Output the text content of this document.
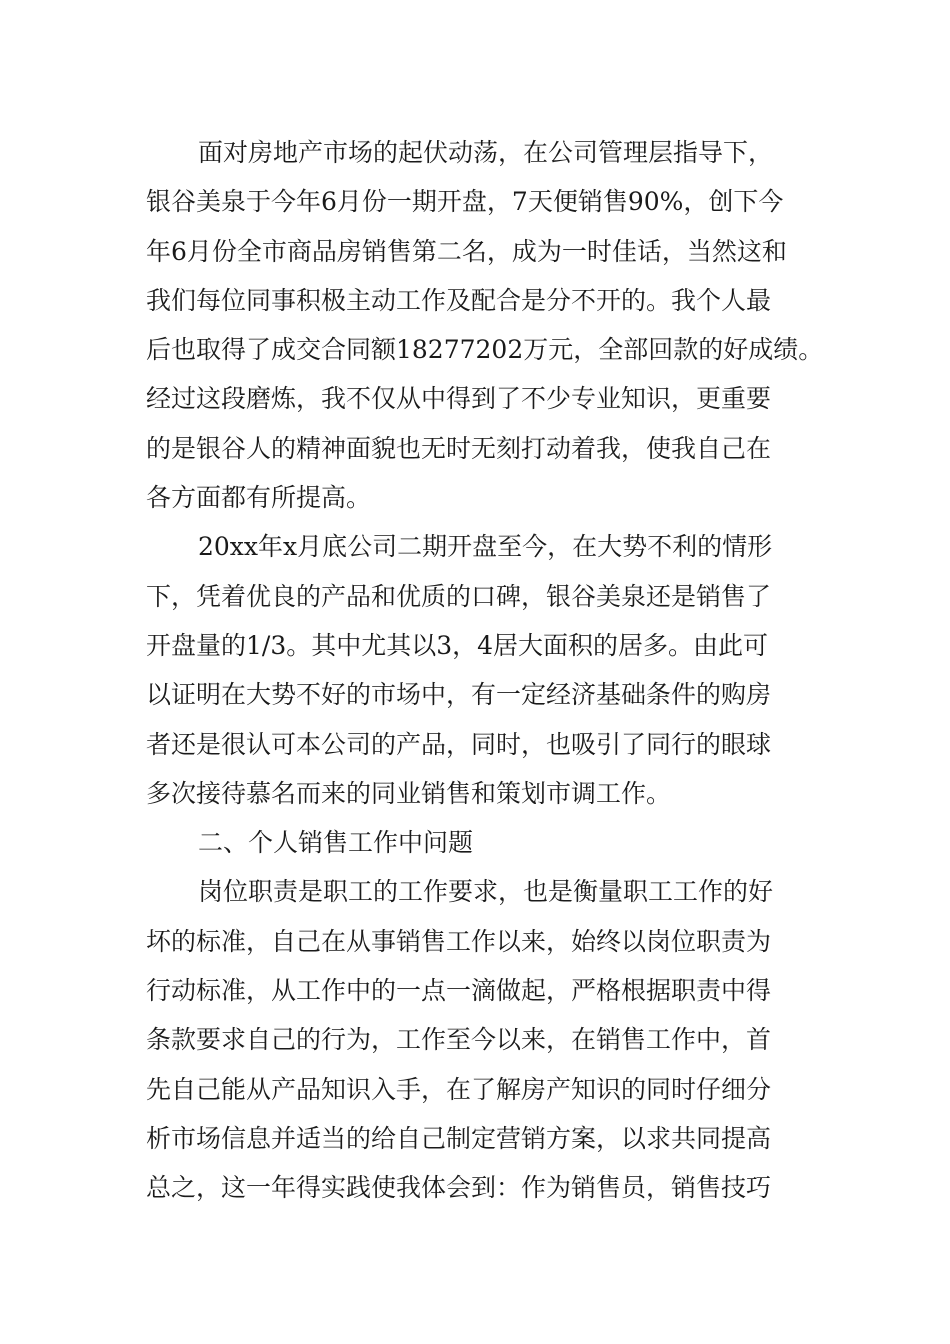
面对房地产市场的起伏动荡，在公司管理层指导下，
银谷美泉于今年6月份一期开盘，7天便销售90%，创下今
年6月份全市商品房销售第二名，成为一时佳话，当然这和
我们每位同事积极主动工作及配合是分不开的。我个人最
后也取得了成交合同额18277202万元，全部回款的好成绩。
经过这段磨炼，我不仅从中得到了不少专业知识，更重要
的是银谷人的精神面貌也无时无刻打动着我，使我自己在
各方面都有所提高。
20xx年x月底公司二期开盘至今，在大势不利的情形
下，凭着优良的产品和优质的口碑，银谷美泉还是销售了
开盘量的1/3。其中尤其以3，4居大面积的居多。由此可
以证明在大势不好的市场中，有一定经济基础条件的购房
者还是很认可本公司的产品，同时，也吸引了同行的眼球
多次接待慕名而来的同业销售和策划市调工作。
二、个人销售工作中问题
岗位职责是职工的工作要求，也是衡量职工工作的好
坏的标准，自己在从事销售工作以来，始终以岗位职责为
行动标准，从工作中的一点一滴做起，严格根据职责中得
条款要求自己的行为，工作至今以来，在销售工作中，首
先自己能从产品知识入手，在了解房产知识的同时仔细分
析市场信息并适当的给自己制定营销方案，以求共同提高
总之，这一年得实践使我体会到：作为销售员，销售技巧
